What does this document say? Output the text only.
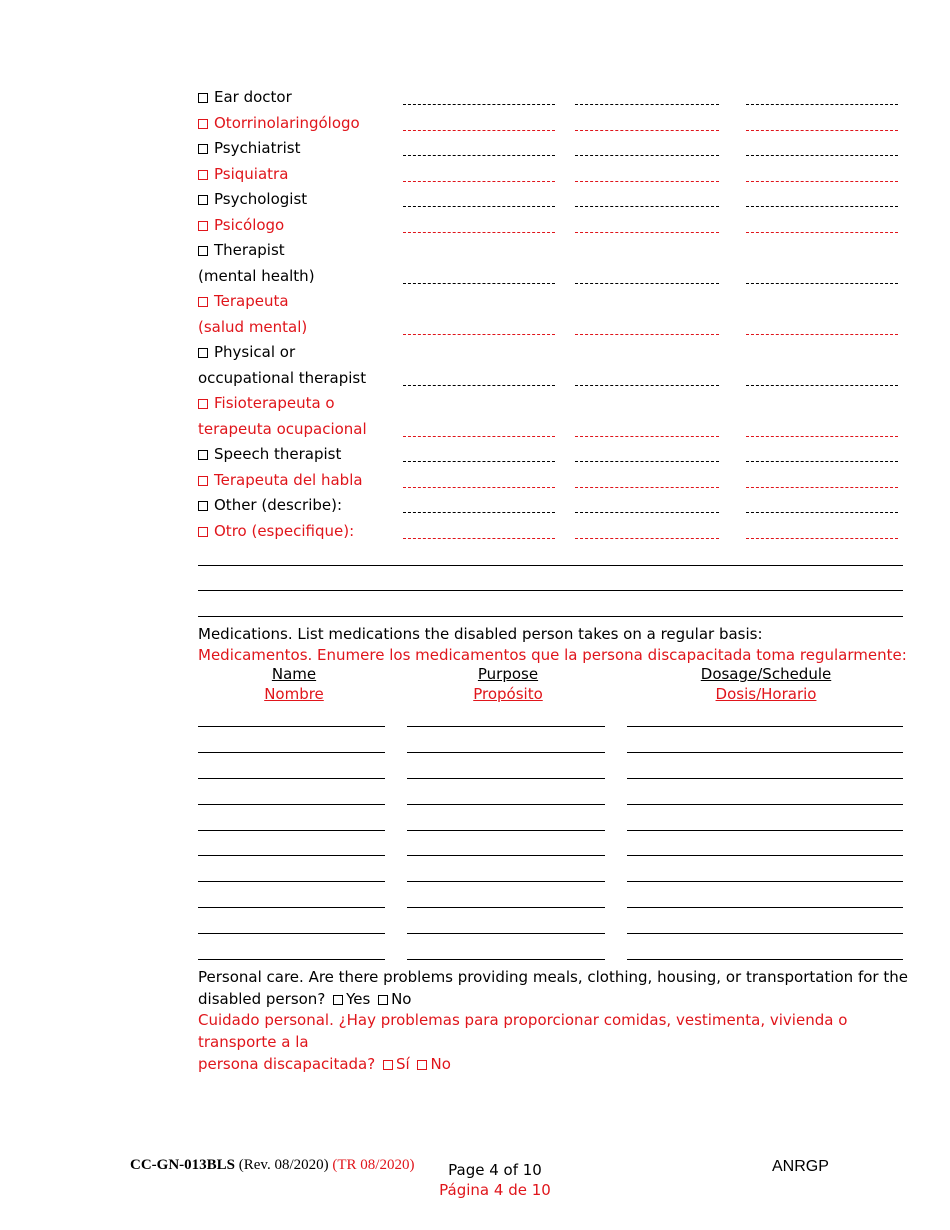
Ear doctor
Otorrinolaringólogo
Psychiatrist
Psiquiatra
Psychologist
Psicólogo
Therapist
(mental health)
Terapeuta
(salud mental)
Physical or
occupational therapist
Fisioterapeuta o
terapeuta ocupacional
Speech therapist
Terapeuta del habla
Other (describe):
Otro (especifique):
Medications. List medications the disabled person takes on a regular basis:
Medicamentos. Enumere los medicamentos que la persona discapacitada toma regularmente:
Name
Nombre
Purpose
Propósito
Dosage/Schedule
Dosis/Horario
Personal care. Are there problems providing meals, clothing, housing, or transportation for the
disabled person? Yes No
Cuidado personal. ¿Hay problemas para proporcionar comidas, vestimenta, vivienda o transporte a la
persona discapacitada? Sí No
CC-GN-013BLS (Rev. 08/2020) (TR 08/2020)	Page 4 of 10
Página 4 de 10
ANRGP
